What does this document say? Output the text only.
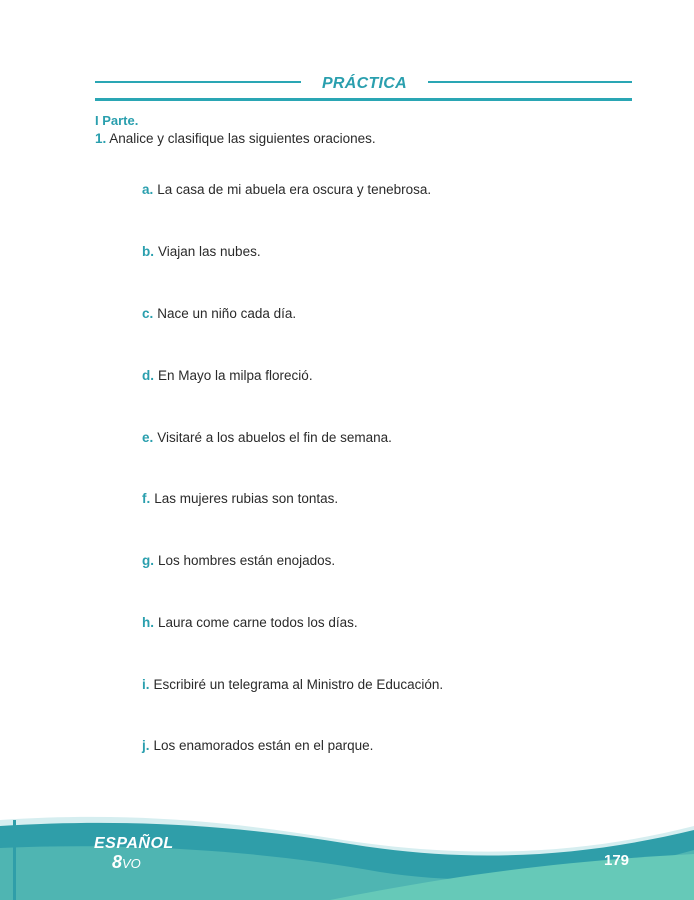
PRÁCTICA
I Parte.
1. Analice y clasifique las siguientes oraciones.
a. La casa de mi abuela era oscura y tenebrosa.
b. Viajan las nubes.
c. Nace un niño cada día.
d. En Mayo la milpa floreció.
e. Visitaré a los abuelos el fin de semana.
f. Las mujeres rubias son tontas.
g. Los hombres están enojados.
h. Laura come carne todos los días.
i. Escribiré un telegrama al Ministro de Educación.
j. Los enamorados están en el parque.
ESPAÑOL
8VO	179
